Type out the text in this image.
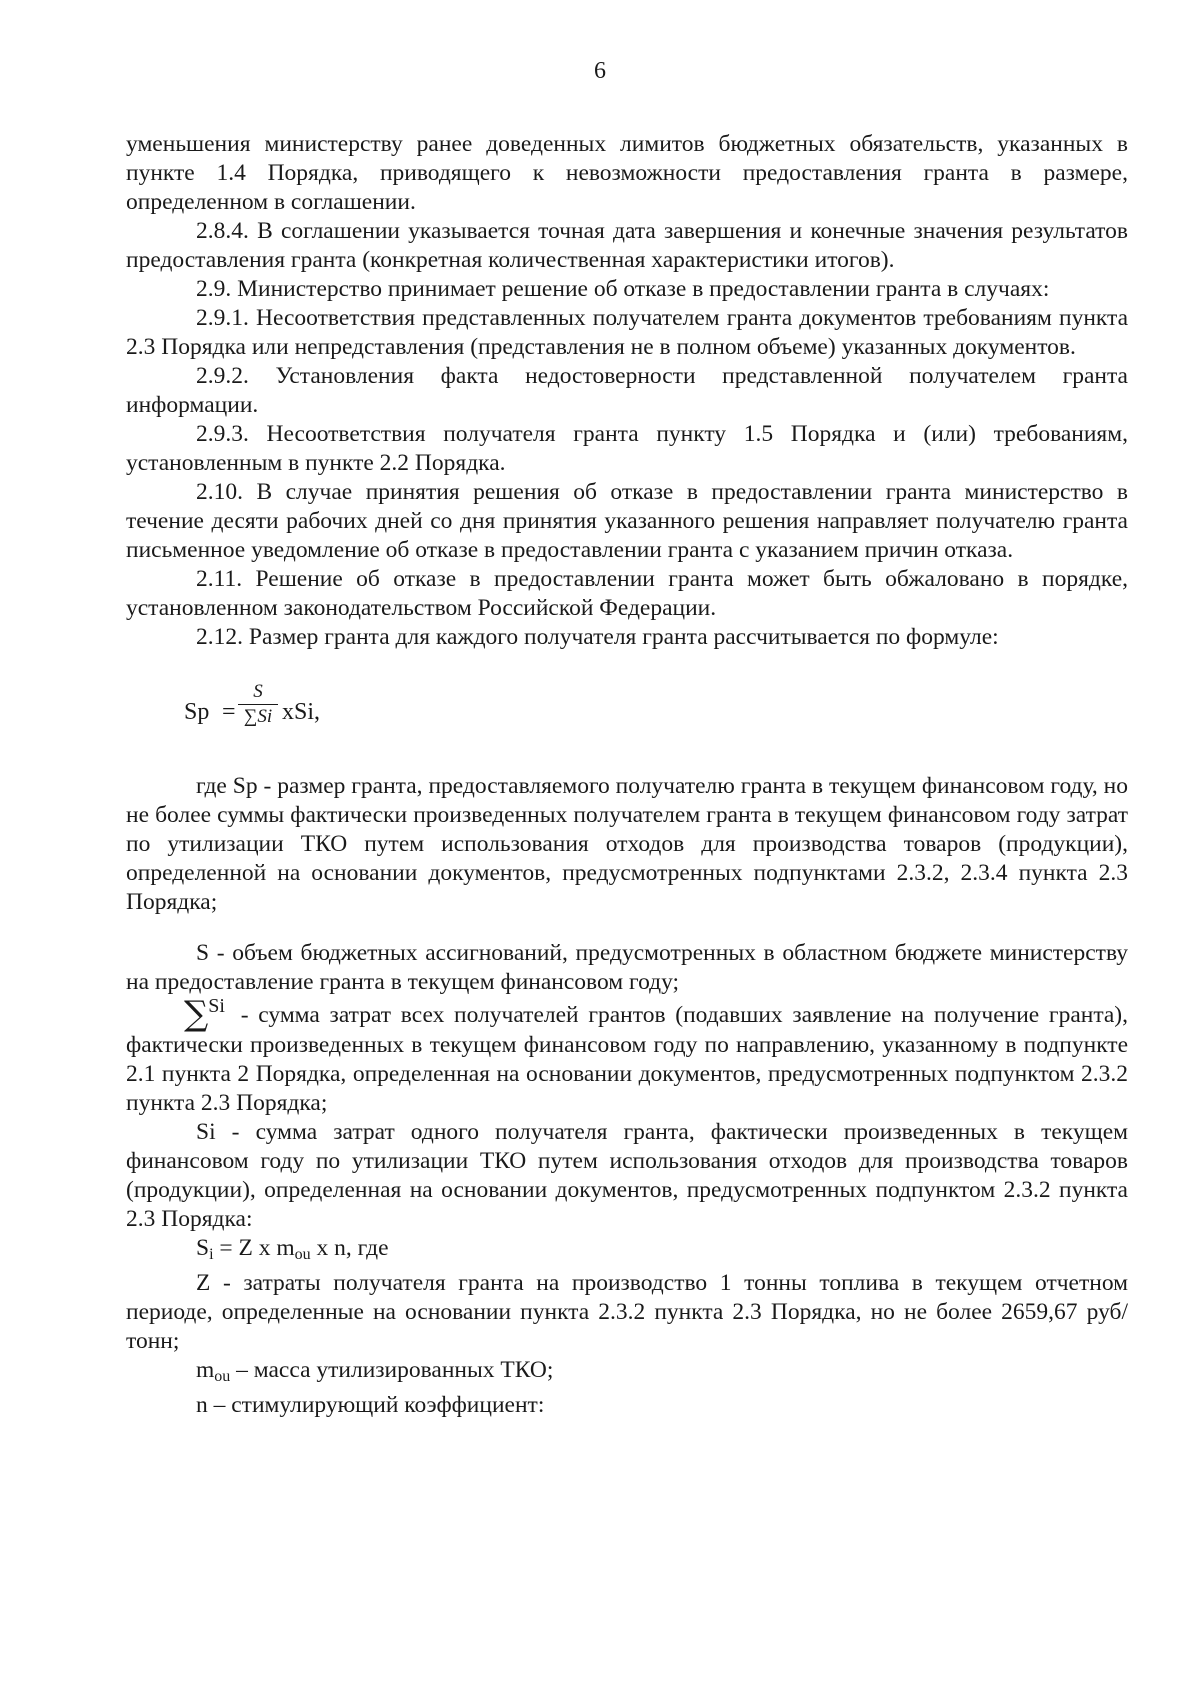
6

уменьшения министерству ранее доведенных лимитов бюджетных обязательств, указанных в пункте 1.4 Порядка, приводящего к невозможности предоставления гранта в размере, определенном в соглашении.

2.8.4. В соглашении указывается точная дата завершения и конечные значения результатов предоставления гранта (конкретная количественная характеристики итогов).

2.9. Министерство принимает решение об отказе в предоставлении гранта в случаях:

2.9.1. Несоответствия представленных получателем гранта документов требованиям пункта 2.3 Порядка или непредставления (представления не в полном объеме) указанных документов.

2.9.2. Установления факта недостоверности представленной получателем гранта информации.

2.9.3. Несоответствия получателя гранта пункту 1.5 Порядка и (или) требованиям, установленным в пункте 2.2 Порядка.

2.10. В случае принятия решения об отказе в предоставлении гранта министерство в течение десяти рабочих дней со дня принятия указанного решения направляет получателю гранта письменное уведомление об отказе в предоставлении гранта с указанием причин отказа.

2.11. Решение об отказе в предоставлении гранта может быть обжаловано в порядке, установленном законодательством Российской Федерации.

2.12. Размер гранта для каждого получателя гранта рассчитывается по формуле:

Sp =
S
∑Si xSi,

где Sp - размер гранта, предоставляемого получателю гранта в текущем финансовом году, но не более суммы фактически произведенных получателем гранта в текущем финансовом году затрат по утилизации ТКО путем использования отходов для производства товаров (продукции), определенной на основании документов, предусмотренных подпунктами 2.3.2, 2.3.4 пункта 2.3 Порядка;

S - объем бюджетных ассигнований, предусмотренных в областном бюджете министерству на предоставление гранта в текущем финансовом году;

∑Si - сумма затрат всех получателей грантов (подавших заявление на получение гранта), фактически произведенных в текущем финансовом году по направлению, указанному в подпункте 2.1 пункта 2 Порядка, определенная на основании документов, предусмотренных подпунктом 2.3.2 пункта 2.3 Порядка;

Si - сумма затрат одного получателя гранта, фактически произведенных в текущем финансовом году по утилизации ТКО путем использования отходов для производства товаров (продукции), определенная на основании документов, предусмотренных подпунктом 2.3.2 пункта 2.3 Порядка:

$S_i = Z$ x $m_{ou}$ x n, где

Z - затраты получателя гранта на производство 1 тонны топлива в текущем отчетном периоде, определенные на основании пункта 2.3.2 пункта 2.3 Порядка, но не более 2659,67 руб/тонн;

$m_{ou}$ – масса утилизированных ТКО;

n – стимулирующий коэффициент:
